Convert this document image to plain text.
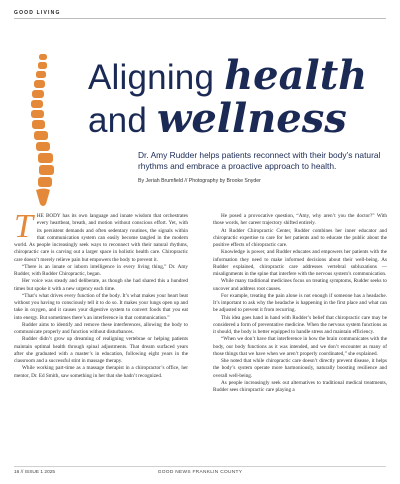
GOOD LIVING
Aligning health
and wellness
Dr. Amy Rudder helps patients reconnect with their body’s natural rhythms and embrace a proactive approach to health.
By Jeriah Brumfield // Photography by Brooke Snyder

THE BODY has its own language and innate wisdom that orchestrates every heartbeat, breath, and motion without conscious effort. Yet, with its persistent demands and often sedentary routines, the signals within that communication system can easily become tangled in the modern world. As people increasingly seek ways to reconnect with their natural rhythms, chiropractic care is carving out a larger space in holistic health care. Chiropractic care doesn’t merely relieve pain but empowers the body to prevent it.

“There is an innate or inborn intelligence in every living thing,” Dr. Amy Rudder, with Rudder Chiropractic, began.

Her voice was steady and deliberate, as though she had shared this a hundred times but spoke it with a new urgency each time.

“That’s what drives every function of the body. It’s what makes your heart beat without you having to consciously tell it to do so. It makes your lungs open up and take in oxygen, and it causes your digestive system to convert foods that you eat into energy. But sometimes there’s an interference in that communication.”

Rudder aims to identify and remove these interferences, allowing the body to communicate properly and function without disturbances.

Rudder didn’t grow up dreaming of realigning vertebrae or helping patients maintain optimal health through spinal adjustments. That dream surfaced years after she graduated with a master’s in education, following eight years in the classroom and a successful stint in massage therapy.

While working part-time as a massage therapist in a chiropractor’s office, her mentor, Dr. Ed Smith, saw something in her that she hadn’t recognized.

He posed a provocative question, “Amy, why aren’t you the doctor?” With those words, her career trajectory shifted entirely.

At Rudder Chiropractic Center, Rudder combines her inner educator and chiropractic expertise to care for her patients and to educate the public about the positive effects of chiropractic care.

Knowledge is power, and Rudder educates and empowers her patients with the information they need to make informed decisions about their well-being. As Rudder explained, chiropractic care addresses vertebral subluxations — misalignments in the spine that interfere with the nervous system’s communication.

While many traditional medicines focus on treating symptoms, Rudder seeks to uncover and address root causes.

For example, treating the pain alone is not enough if someone has a headache. It’s important to ask why the headache is happening in the first place and what can be adjusted to prevent it from recurring.

This idea goes hand in hand with Rudder’s belief that chiropractic care may be considered a form of preventative medicine. When the nervous system functions as it should, the body is better equipped to handle stress and maintain efficiency.

“When we don’t have that interference in how the brain communicates with the body, our body functions as it was intended, and we don’t encounter as many of those things that we have when we aren’t properly coordinated,” she explained.

She noted that while chiropractic care doesn’t directly prevent disease, it helps the body’s system operate more harmoniously, naturally boosting resilience and overall well-being.

As people increasingly seek out alternatives to traditional medical treatments, Rudder sees chiropractic care playing a

16 // ISSUE 1 2025	GOOD NEWS FRANKLIN COUNTY
